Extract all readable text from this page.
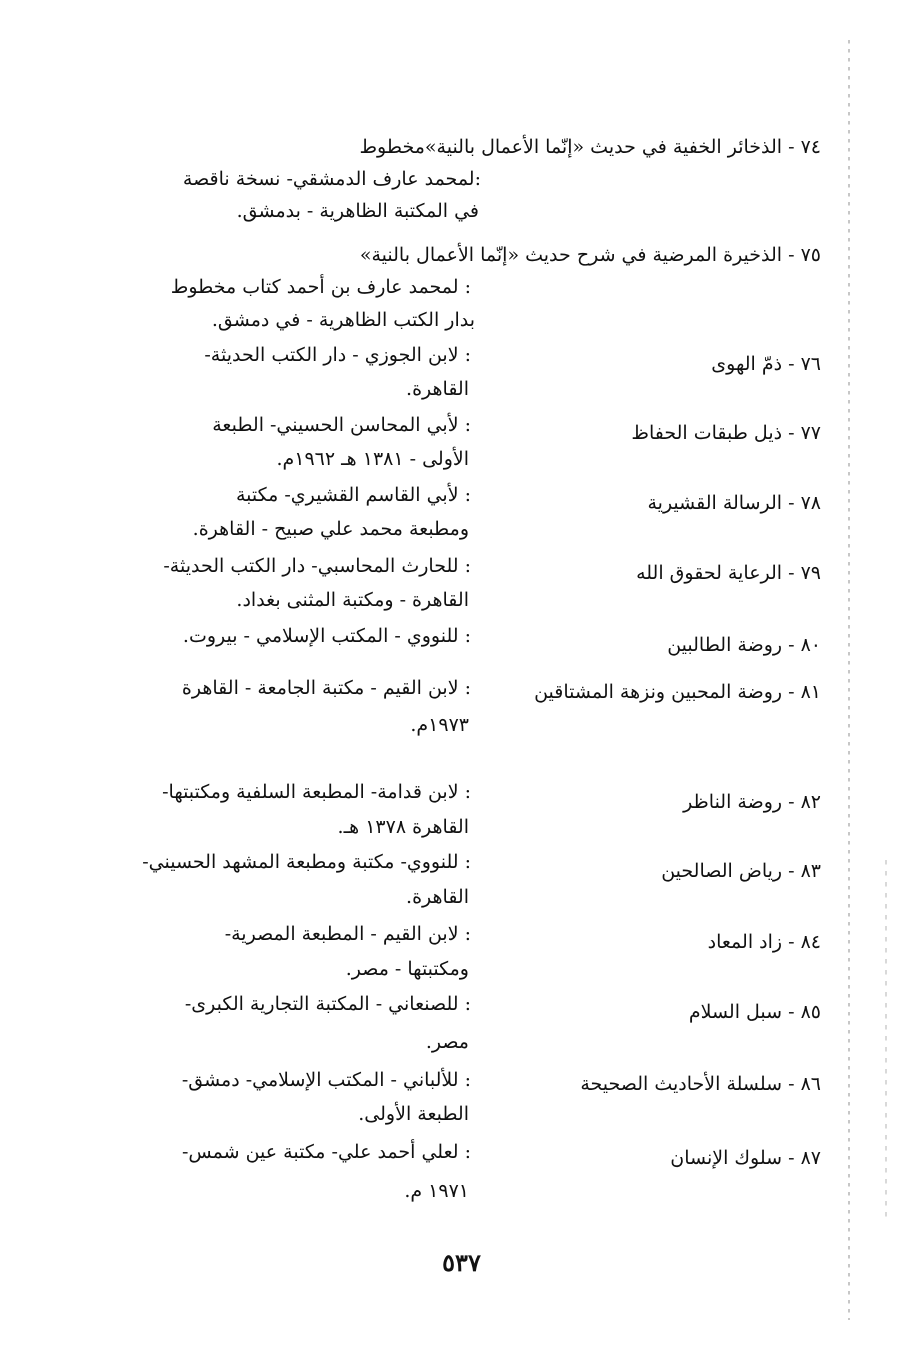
٧٤ - الذخائر الخفية في حديث «إنّما الأعمال بالنية»مخطوط
:لمحمد عارف الدمشقي- نسخة ناقصة
في المكتبة الظاهرية - بدمشق.
٧٥ - الذخيرة المرضية في شرح حديث «إنّما الأعمال بالنية»
: لمحمد عارف بن أحمد كتاب مخطوط
بدار الكتب الظاهرية - في دمشق.
٧٦ - ذمّ الهوى
: لابن الجوزي - دار الكتب الحديثة-
القاهرة.
٧٧ - ذيل طبقات الحفاظ
: لأبي المحاسن الحسيني- الطبعة
الأولى - ١٣٨١ هـ ١٩٦٢م.
٧٨ - الرسالة القشيرية
: لأبي القاسم القشيري- مكتبة
ومطبعة محمد علي صبيح - القاهرة.
٧٩ - الرعاية لحقوق الله
: للحارث المحاسبي- دار الكتب الحديثة-
القاهرة - ومكتبة المثنى بغداد.
٨٠ - روضة الطالبين
: للنووي - المكتب الإسلامي - بيروت.
٨١ - روضة المحبين ونزهة المشتاقين
: لابن القيم - مكتبة الجامعة - القاهرة
١٩٧٣م.
٨٢ - روضة الناظر
: لابن قدامة- المطبعة السلفية ومكتبتها-
القاهرة ١٣٧٨ هـ.
٨٣ - رياض الصالحين
: للنووي- مكتبة ومطبعة المشهد الحسيني-
القاهرة.
٨٤ - زاد المعاد
: لابن القيم - المطبعة المصرية-
ومكتبتها - مصر.
٨٥ - سبل السلام
: للصنعاني - المكتبة التجارية الكبرى-
مصر.
٨٦ - سلسلة الأحاديث الصحيحة
: للألباني - المكتب الإسلامي- دمشق-
الطبعة الأولى.
٨٧ - سلوك الإنسان
: لعلي أحمد علي- مكتبة عين شمس-
١٩٧١ م.
٥٣٧
